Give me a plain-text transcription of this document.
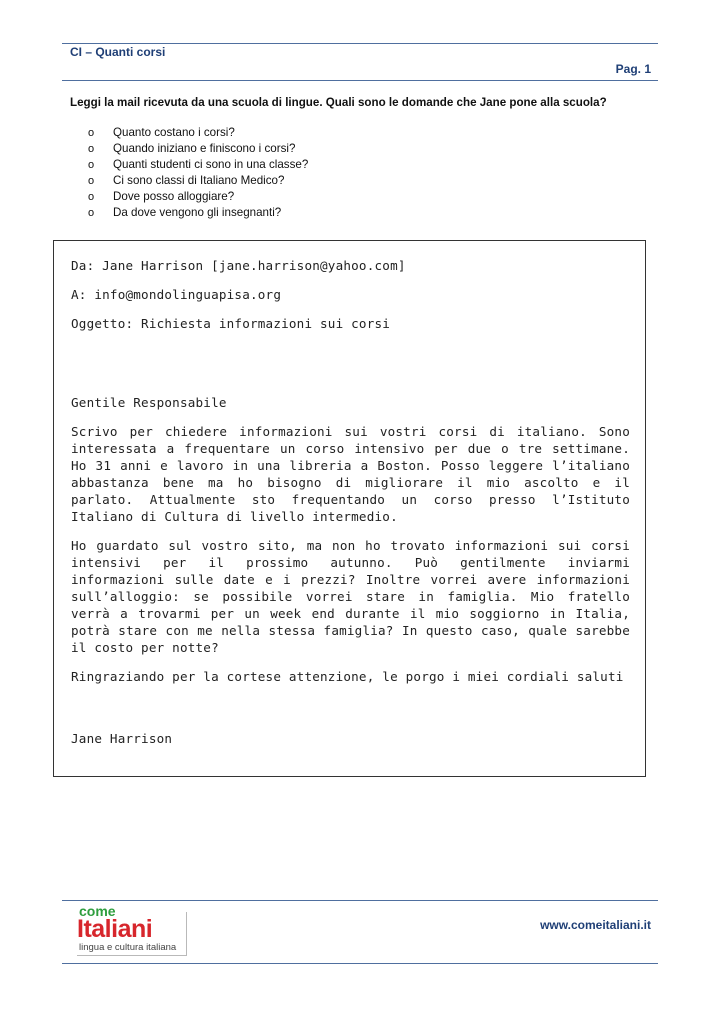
CI – Quanti corsi
Pag. 1
Leggi la mail ricevuta da una scuola di lingue. Quali sono le domande che Jane pone alla scuola?
o	Quanto costano i corsi?
o	Quando iniziano e finiscono i corsi?
o	Quanti studenti ci sono in una classe?
o	Ci sono classi di Italiano Medico?
o	Dove posso alloggiare?
o	Da dove vengono gli insegnanti?

Da: Jane Harrison [jane.harrison@yahoo.com]

A: info@mondolinguapisa.org

Oggetto: Richiesta informazioni sui corsi

Gentile Responsabile

Scrivo per chiedere informazioni sui vostri corsi di italiano. Sono interessata a frequentare un corso intensivo per due o tre settimane. Ho 31 anni e lavoro in una libreria a Boston. Posso leggere l’italiano abbastanza bene ma ho bisogno di migliorare il mio ascolto e il parlato. Attualmente sto frequentando un corso presso l’Istituto Italiano di Cultura di livello intermedio.

Ho guardato sul vostro sito, ma non ho trovato informazioni sui corsi intensivi per il prossimo autunno. Può gentilmente inviarmi informazioni sulle date e i prezzi? Inoltre vorrei avere informazioni sull’alloggio: se possibile vorrei stare in famiglia. Mio fratello verrà a trovarmi per un week end durante il mio soggiorno in Italia, potrà stare con me nella stessa famiglia? In questo caso, quale sarebbe il costo per notte?

Ringraziando per la cortese attenzione, le porgo i miei cordiali saluti

Jane Harrison

come
Italiani
lingua e cultura italiana
www.comeitaliani.it
